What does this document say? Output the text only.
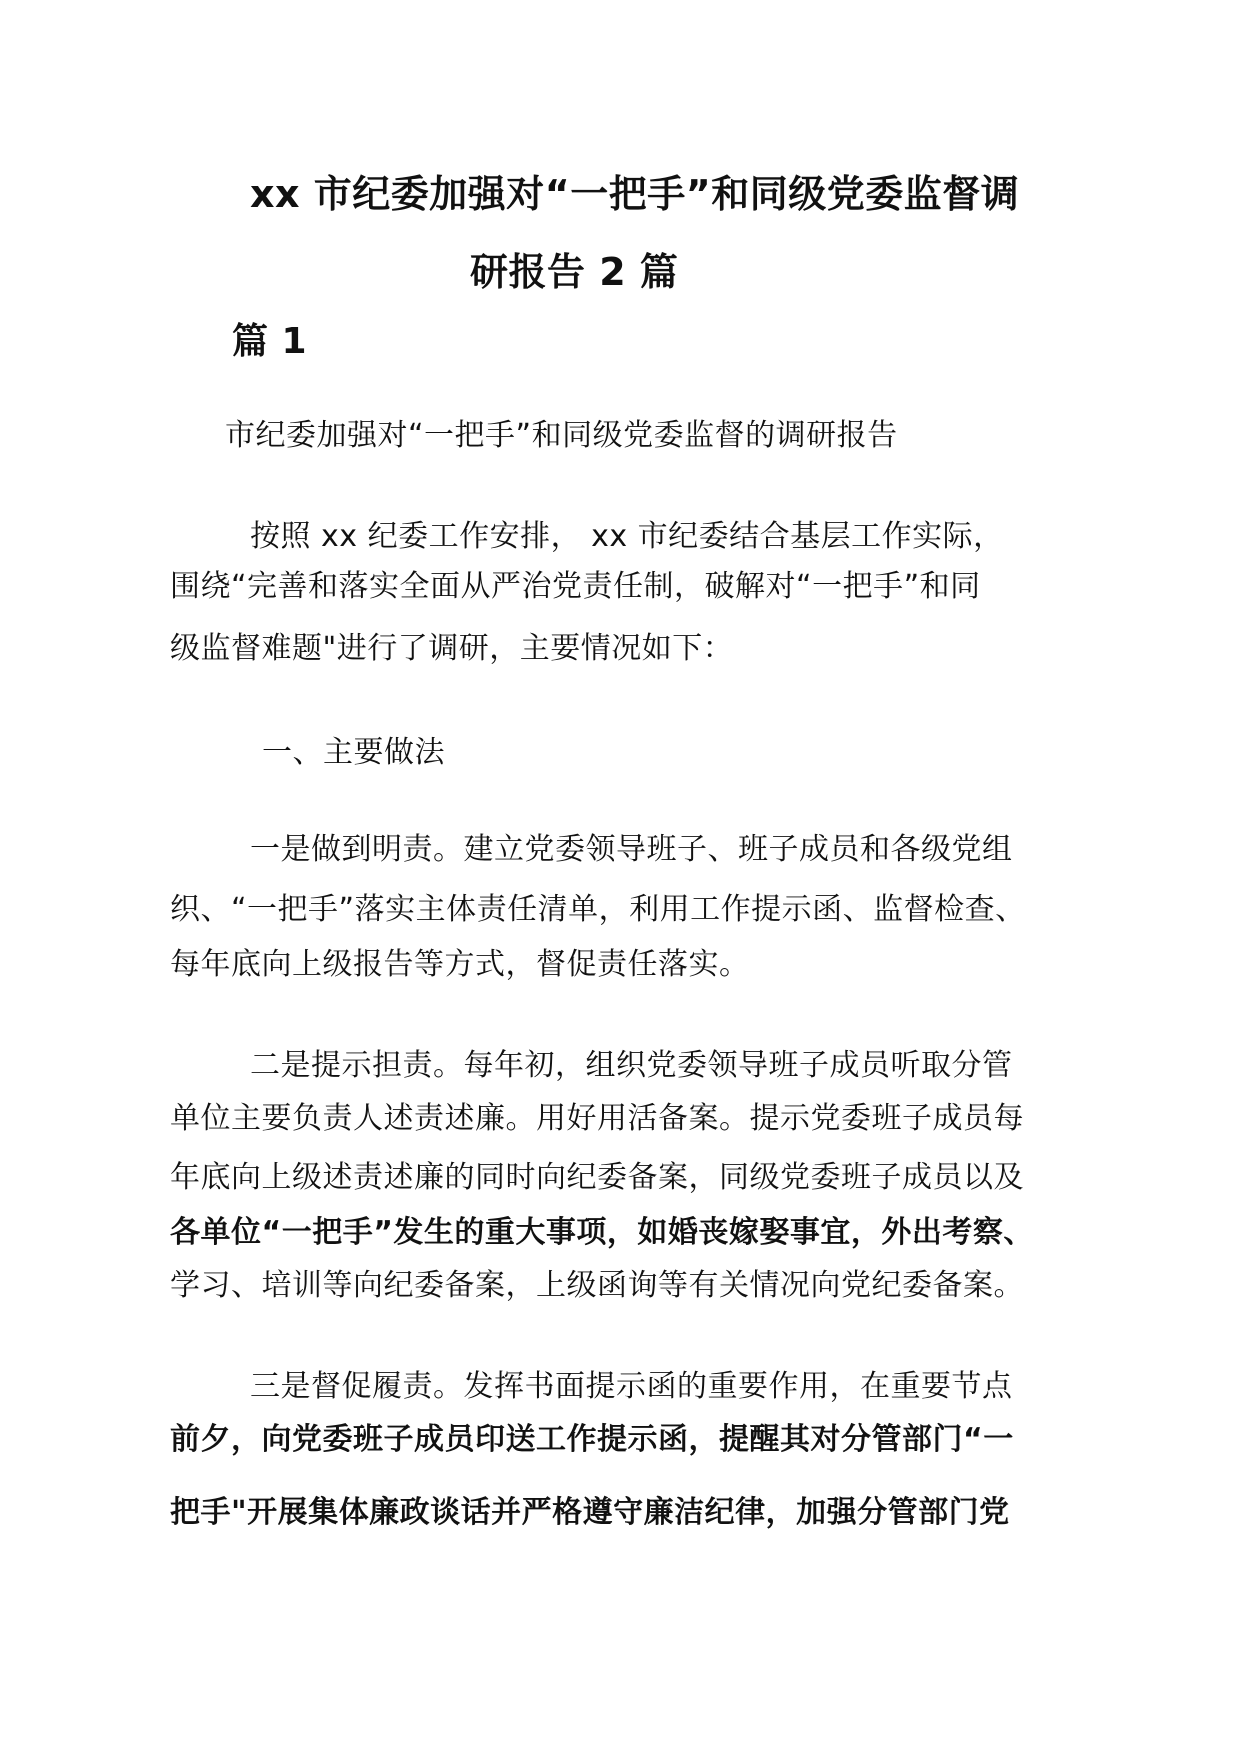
xx 市纪委加强对“一把手”和同级党委监督调
研报告 2 篇
篇 1
市纪委加强对“一把手”和同级党委监督的调研报告
按照 xx 纪委工作安排， xx 市纪委结合基层工作实际，
围绕“完善和落实全面从严治党责任制，破解对“一把手”和同
级监督难题"进行了调研，主要情况如下：
一、主要做法
一是做到明责。建立党委领导班子、班子成员和各级党组
织、“一把手”落实主体责任清单，利用工作提示函、监督检查、
每年底向上级报告等方式，督促责任落实。
二是提示担责。每年初，组织党委领导班子成员听取分管
单位主要负责人述责述廉。用好用活备案。提示党委班子成员每
年底向上级述责述廉的同时向纪委备案，同级党委班子成员以及
各单位“一把手”发生的重大事项，如婚丧嫁娶事宜，外出考察、
学习、培训等向纪委备案，上级函询等有关情况向党纪委备案。
三是督促履责。发挥书面提示函的重要作用，在重要节点
前夕，向党委班子成员印送工作提示函，提醒其对分管部门“一
把手"开展集体廉政谈话并严格遵守廉洁纪律，加强分管部门党
